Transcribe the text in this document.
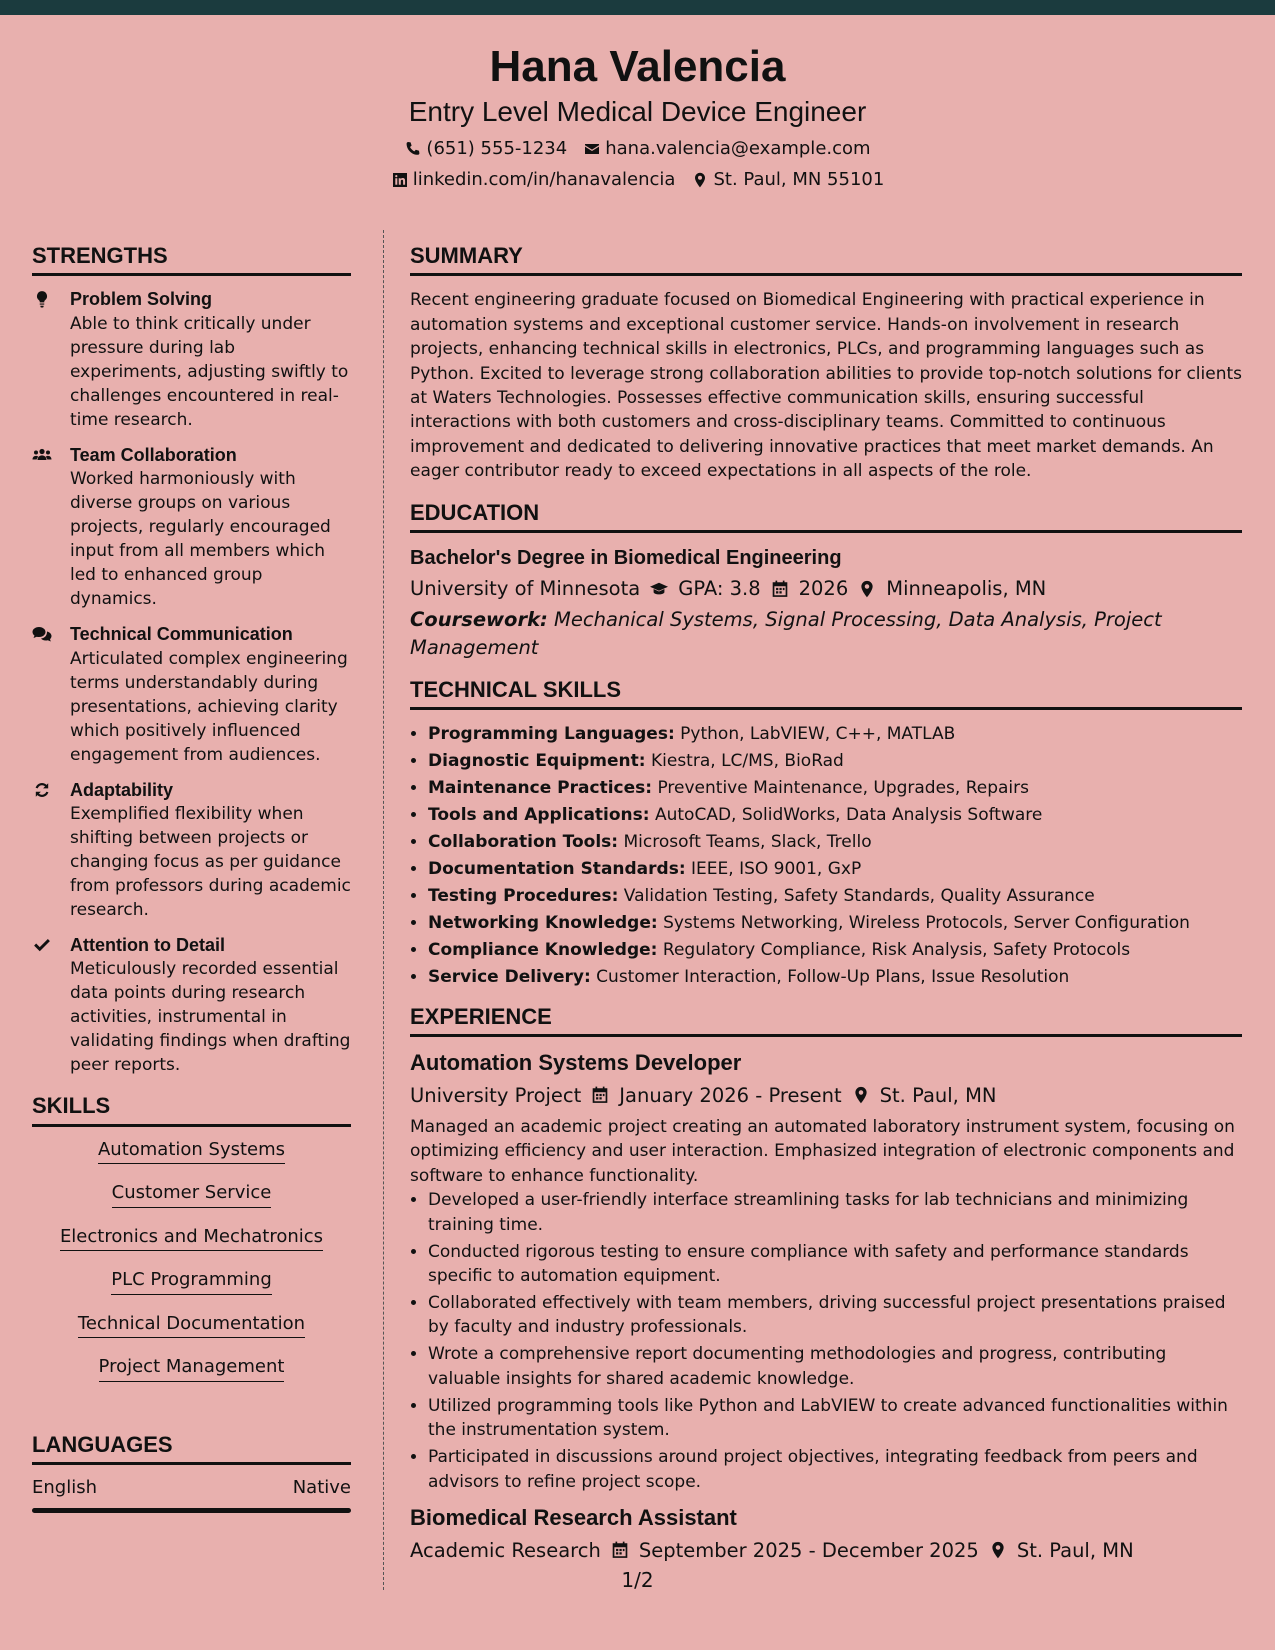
Hana Valencia
Entry Level Medical Device Engineer
(651) 555-1234 hana.valencia@example.com
linkedin.com/in/hanavalencia St. Paul, MN 55101
STRENGTHS
Problem Solving
Able to think critically under pressure during lab experiments, adjusting swiftly to challenges encountered in real-time research.
Team Collaboration
Worked harmoniously with diverse groups on various projects, regularly encouraged input from all members which led to enhanced group dynamics.
Technical Communication
Articulated complex engineering terms understandably during presentations, achieving clarity which positively influenced engagement from audiences.
Adaptability
Exemplified flexibility when shifting between projects or changing focus as per guidance from professors during academic research.
Attention to Detail
Meticulously recorded essential data points during research activities, instrumental in validating findings when drafting peer reports.
SKILLS
Automation Systems
Customer Service
Electronics and Mechatronics
PLC Programming
Technical Documentation
Project Management
LANGUAGES
English	Native
SUMMARY
Recent engineering graduate focused on Biomedical Engineering with practical experience in automation systems and exceptional customer service. Hands-on involvement in research projects, enhancing technical skills in electronics, PLCs, and programming languages such as Python. Excited to leverage strong collaboration abilities to provide top-notch solutions for clients at Waters Technologies. Possesses effective communication skills, ensuring successful interactions with both customers and cross-disciplinary teams. Committed to continuous improvement and dedicated to delivering innovative practices that meet market demands. An eager contributor ready to exceed expectations in all aspects of the role.
EDUCATION
Bachelor's Degree in Biomedical Engineering
University of Minnesota GPA: 3.8 2026 Minneapolis, MN
Coursework: Mechanical Systems, Signal Processing, Data Analysis, Project Management
TECHNICAL SKILLS
• Programming Languages: Python, LabVIEW, C++, MATLAB
• Diagnostic Equipment: Kiestra, LC/MS, BioRad
• Maintenance Practices: Preventive Maintenance, Upgrades, Repairs
• Tools and Applications: AutoCAD, SolidWorks, Data Analysis Software
• Collaboration Tools: Microsoft Teams, Slack, Trello
• Documentation Standards: IEEE, ISO 9001, GxP
• Testing Procedures: Validation Testing, Safety Standards, Quality Assurance
• Networking Knowledge: Systems Networking, Wireless Protocols, Server Configuration
• Compliance Knowledge: Regulatory Compliance, Risk Analysis, Safety Protocols
• Service Delivery: Customer Interaction, Follow-Up Plans, Issue Resolution
EXPERIENCE
Automation Systems Developer
University Project January 2026 - Present St. Paul, MN
Managed an academic project creating an automated laboratory instrument system, focusing on optimizing efficiency and user interaction. Emphasized integration of electronic components and software to enhance functionality.
• Developed a user-friendly interface streamlining tasks for lab technicians and minimizing training time.
• Conducted rigorous testing to ensure compliance with safety and performance standards specific to automation equipment.
• Collaborated effectively with team members, driving successful project presentations praised by faculty and industry professionals.
• Wrote a comprehensive report documenting methodologies and progress, contributing valuable insights for shared academic knowledge.
• Utilized programming tools like Python and LabVIEW to create advanced functionalities within the instrumentation system.
• Participated in discussions around project objectives, integrating feedback from peers and advisors to refine project scope.
Biomedical Research Assistant
Academic Research September 2025 - December 2025 St. Paul, MN
1/2
